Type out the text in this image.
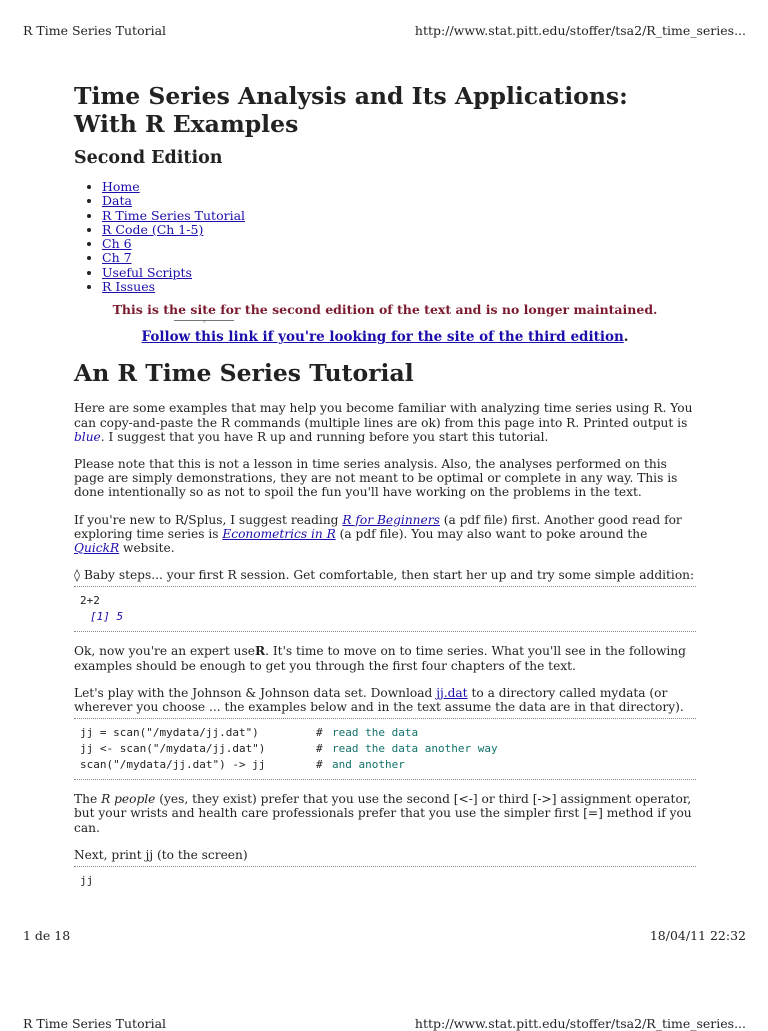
R Time Series Tutorial	http://www.stat.pitt.edu/stoffer/tsa2/R_time_series...
Time Series Analysis and Its Applications: With R Examples
Second Edition
• Home
• Data
• R Time Series Tutorial
• R Code (Ch 1-5)
• Ch 6
• Ch 7
• Useful Scripts
• R Issues
This is the site for the second edition of the text and is no longer maintained.
ᵓ
Follow this link if you're looking for the site of the third edition.
An R Time Series Tutorial

Here are some examples that may help you become familiar with analyzing time series using R. You can copy-and-paste the R commands (multiple lines are ok) from this page into R. Printed output is blue. I suggest that you have R up and running before you start this tutorial.

Please note that this is not a lesson in time series analysis. Also, the analyses performed on this page are simply demonstrations, they are not meant to be optimal or complete in any way. This is done intentionally so as not to spoil the fun you'll have working on the problems in the text.

If you're new to R/Splus, I suggest reading R for Beginners (a pdf file) first. Another good read for exploring time series is Econometrics in R (a pdf file). You may also want to poke around the QuickR website.

◊ Baby steps... your first R session. Get comfortable, then start her up and try some simple addition:

2+2
[1] 5

Ok, now you're an expert useR. It's time to move on to time series. What you'll see in the following examples should be enough to get you through the first four chapters of the text.

Let's play with the Johnson & Johnson data set. Download jj.dat to a directory called mydata (or wherever you choose ... the examples below and in the text assume the data are in that directory).

jj = scan("/mydata/jj.dat")	# read the data
jj <- scan("/mydata/jj.dat")	# read the data another way
scan("/mydata/jj.dat") -> jj	# and another

The R people (yes, they exist) prefer that you use the second [<-] or third [->] assignment operator, but your wrists and health care professionals prefer that you use the simpler first [=] method if you can.

Next, print jj (to the screen)

jj
1 de 18	18/04/11 22:32
R Time Series Tutorial	http://www.stat.pitt.edu/stoffer/tsa2/R_time_series...
